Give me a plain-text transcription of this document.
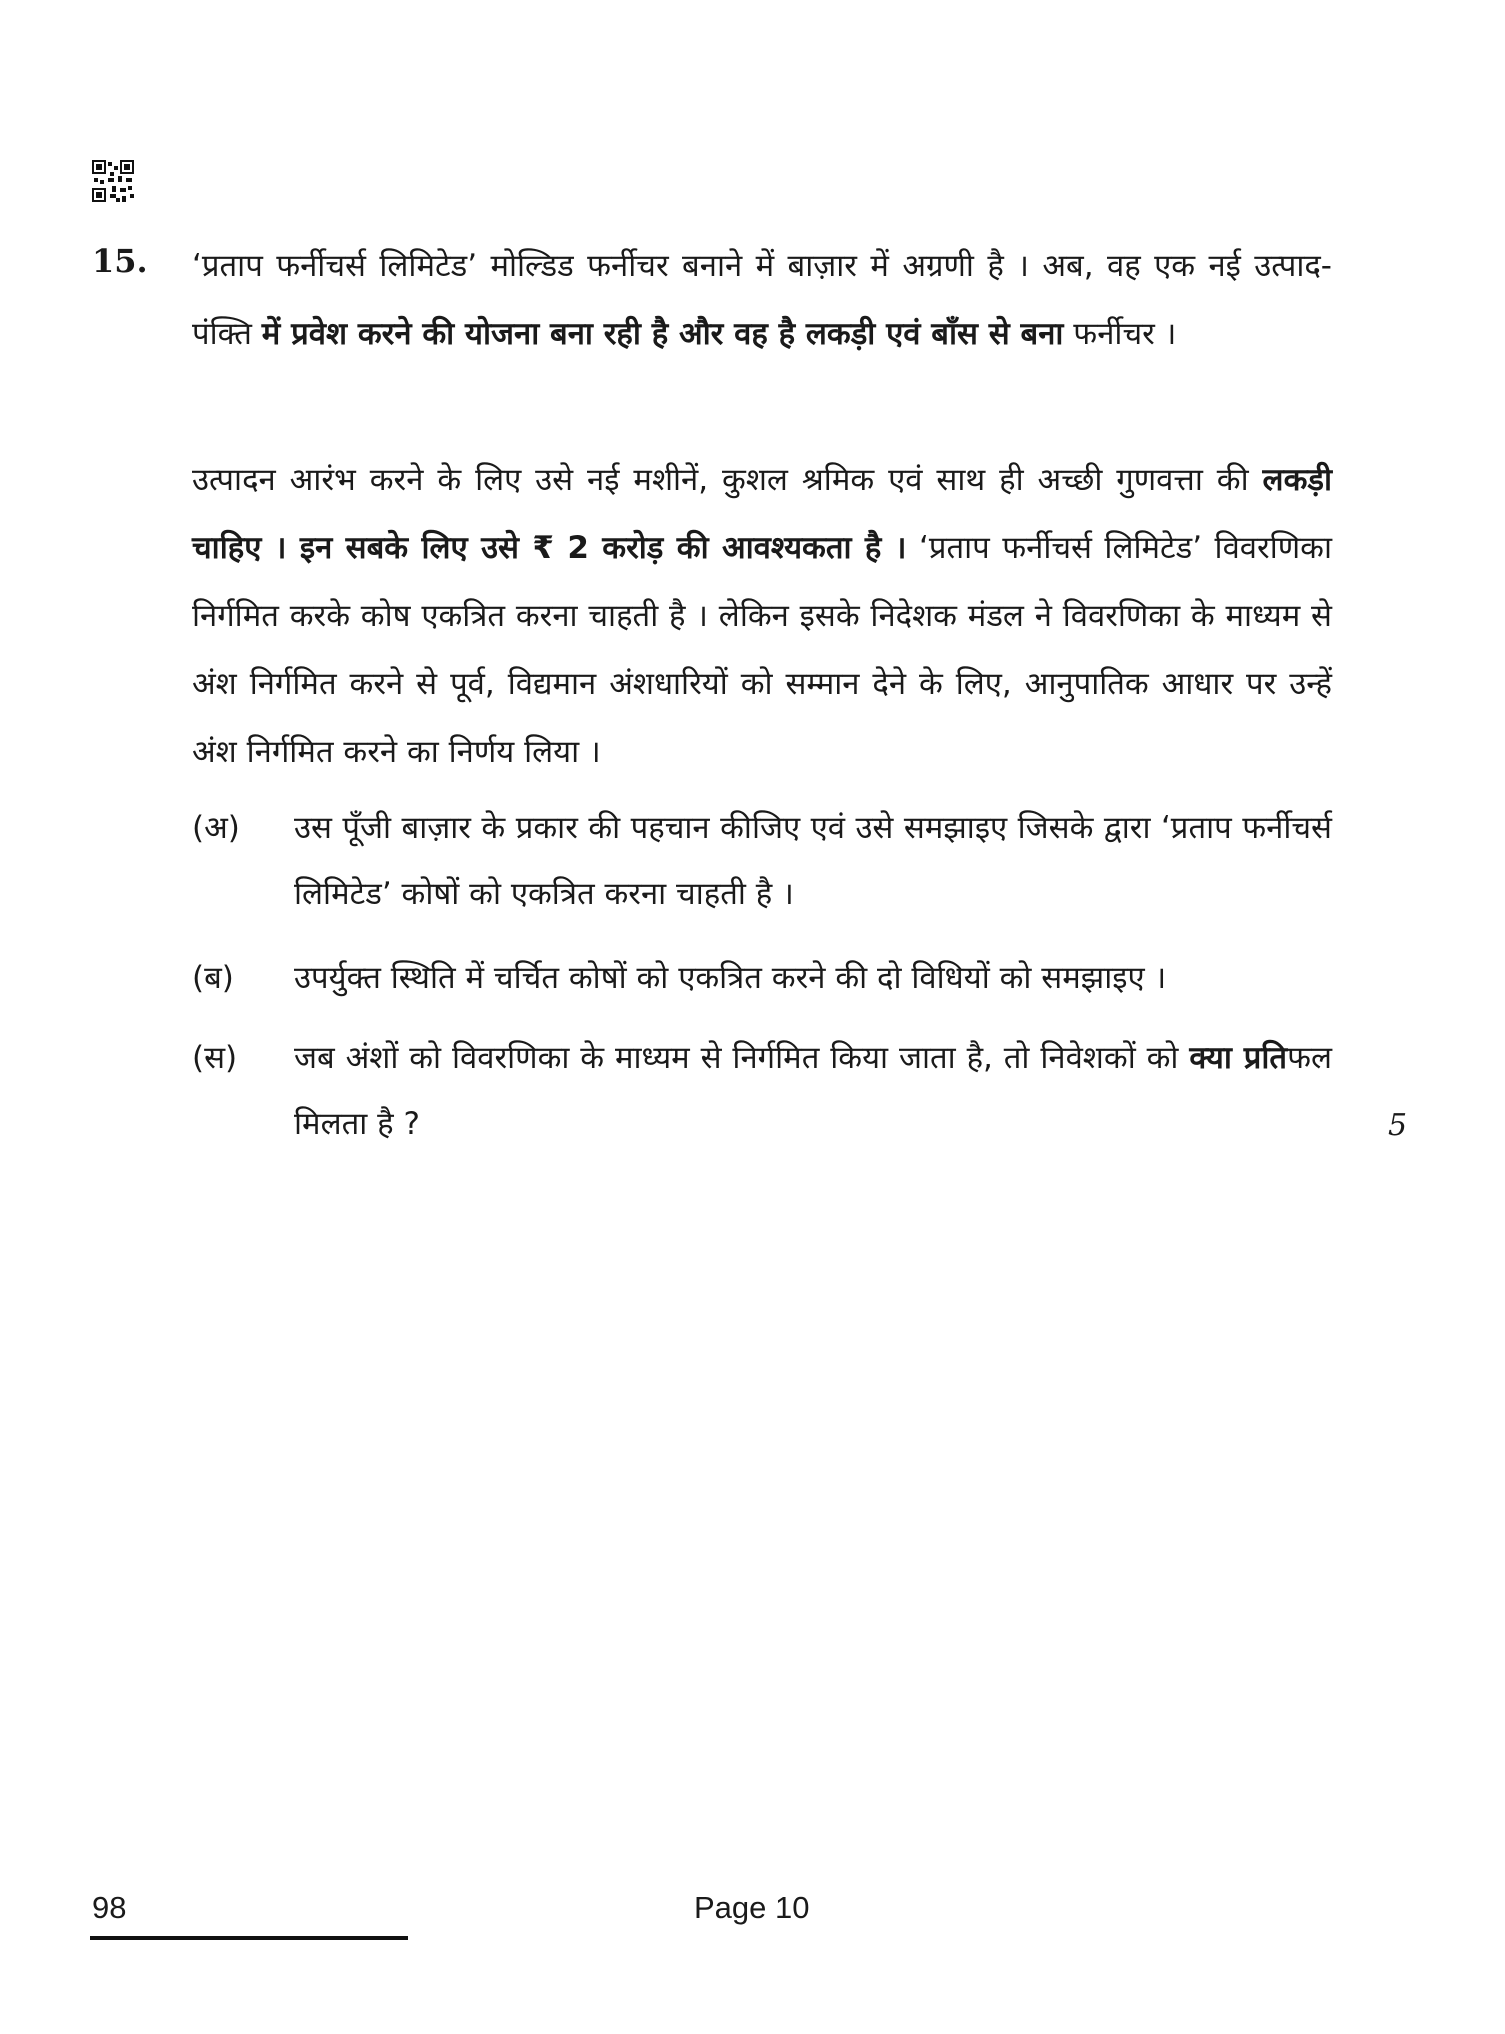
15. ‘प्रताप फर्नीचर्स लिमिटेड’ मोल्डिड फर्नीचर बनाने में बाज़ार में अग्रणी है । अब, वह एक नई उत्पाद-पंक्ति में प्रवेश करने की योजना बना रही है और वह है लकड़ी एवं बाँस से बना फर्नीचर ।
उत्पादन आरंभ करने के लिए उसे नई मशीनें, कुशल श्रमिक एवं साथ ही अच्छी गुणवत्ता की लकड़ी चाहिए । इन सबके लिए उसे ₹ 2 करोड़ की आवश्यकता है । ‘प्रताप फर्नीचर्स लिमिटेड’ विवरणिका निर्गमित करके कोष एकत्रित करना चाहती है । लेकिन इसके निदेशक मंडल ने विवरणिका के माध्यम से अंश निर्गमित करने से पूर्व, विद्यमान अंशधारियों को सम्मान देने के लिए, आनुपातिक आधार पर उन्हें अंश निर्गमित करने का निर्णय लिया ।
(अ) उस पूँजी बाज़ार के प्रकार की पहचान कीजिए एवं उसे समझाइए जिसके द्वारा ‘प्रताप फर्नीचर्स लिमिटेड’ कोषों को एकत्रित करना चाहती है ।
(ब) उपर्युक्त स्थिति में चर्चित कोषों को एकत्रित करने की दो विधियों को समझाइए ।
(स) जब अंशों को विवरणिका के माध्यम से निर्गमित किया जाता है, तो निवेशकों को क्या प्रतिफल मिलता है ?	5
98	Page 10
